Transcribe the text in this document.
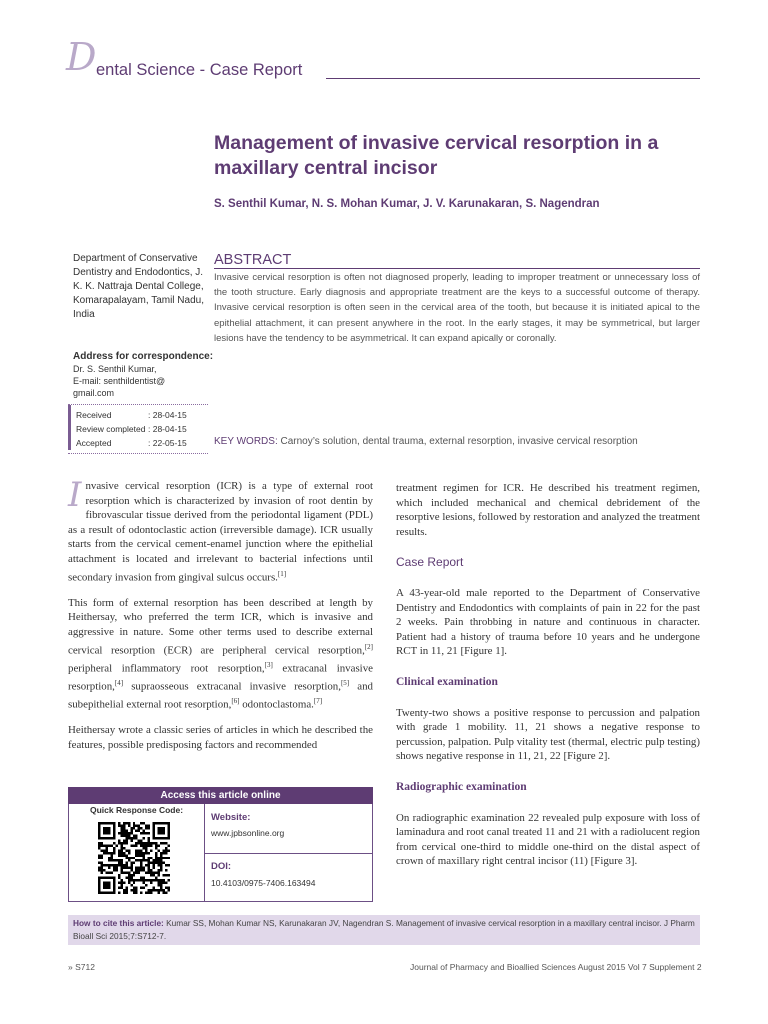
D ental Science - Case Report
Management of invasive cervical resorption in a maxillary central incisor
S. Senthil Kumar, N. S. Mohan Kumar, J. V. Karunakaran, S. Nagendran
Department of Conservative Dentistry and Endodontics, J. K. K. Nattraja Dental College, Komarapalayam, Tamil Nadu, India
Address for correspondence:
Dr. S. Senthil Kumar,
E-mail: senthildentist@ gmail.com
Received	: 28-04-15
Review completed : 28-04-15
Accepted	: 22-05-15
ABSTRACT
Invasive cervical resorption is often not diagnosed properly, leading to improper treatment or unnecessary loss of the tooth structure. Early diagnosis and appropriate treatment are the keys to a successful outcome of therapy. Invasive cervical resorption is often seen in the cervical area of the tooth, but because it is initiated apical to the epithelial attachment, it can present anywhere in the root. In the early stages, it may be symmetrical, but larger lesions have the tendency to be asymmetrical. It can expand apically or coronally.
KEY WORDS: Carnoy’s solution, dental trauma, external resorption, invasive cervical resorption

Invasive cervical resorption (ICR) is a type of external root resorption which is characterized by invasion of root dentin by fibrovascular tissue derived from the periodontal ligament (PDL) as a result of odontoclastic action (irreversible damage). ICR usually starts from the cervical cement-enamel junction where the epithelial attachment is located and irrelevant to bacterial infections until secondary invasion from gingival sulcus occurs.[1]

This form of external resorption has been described at length by Heithersay, who preferred the term ICR, which is invasive and aggressive in nature. Some other terms used to describe external cervical resorption (ECR) are peripheral cervical resorption,[2] peripheral inflammatory root resorption,[3] extracanal invasive resorption,[4] supraosseous extracanal invasive resorption,[5] and subepithelial external root resorption,[6] odontoclastoma.[7]

Heithersay wrote a classic series of articles in which he described the features, possible predisposing factors and recommended

Access this article online
Quick Response Code:
Website:
www.jpbsonline.org
DOI:
10.4103/0975-7406.163494

treatment regimen for ICR. He described his treatment regimen, which included mechanical and chemical debridement of the resorptive lesions, followed by restoration and analyzed the treatment results.

Case Report

A 43-year-old male reported to the Department of Conservative Dentistry and Endodontics with complaints of pain in 22 for the past 2 weeks. Pain throbbing in nature and continuous in character. Patient had a history of trauma before 10 years and he undergone RCT in 11, 21 [Figure 1].

Clinical examination

Twenty-two shows a positive response to percussion and palpation with grade 1 mobility. 11, 21 shows a negative response to percussion, palpation. Pulp vitality test (thermal, electric pulp testing) shows negative response in 11, 21, 22 [Figure 2].

Radiographic examination

On radiographic examination 22 revealed pulp exposure with loss of laminadura and root canal treated 11 and 21 with a radiolucent region from cervical one-third to middle one-third on the distal aspect of crown of maxillary right central incisor (11) [Figure 3].

How to cite this article: Kumar SS, Mohan Kumar NS, Karunakaran JV, Nagendran S. Management of invasive cervical resorption in a maxillary central incisor. J Pharm Bioall Sci 2015;7:S712-7.
» S712	Journal of Pharmacy and Bioallied Sciences August 2015 Vol 7 Supplement 2
